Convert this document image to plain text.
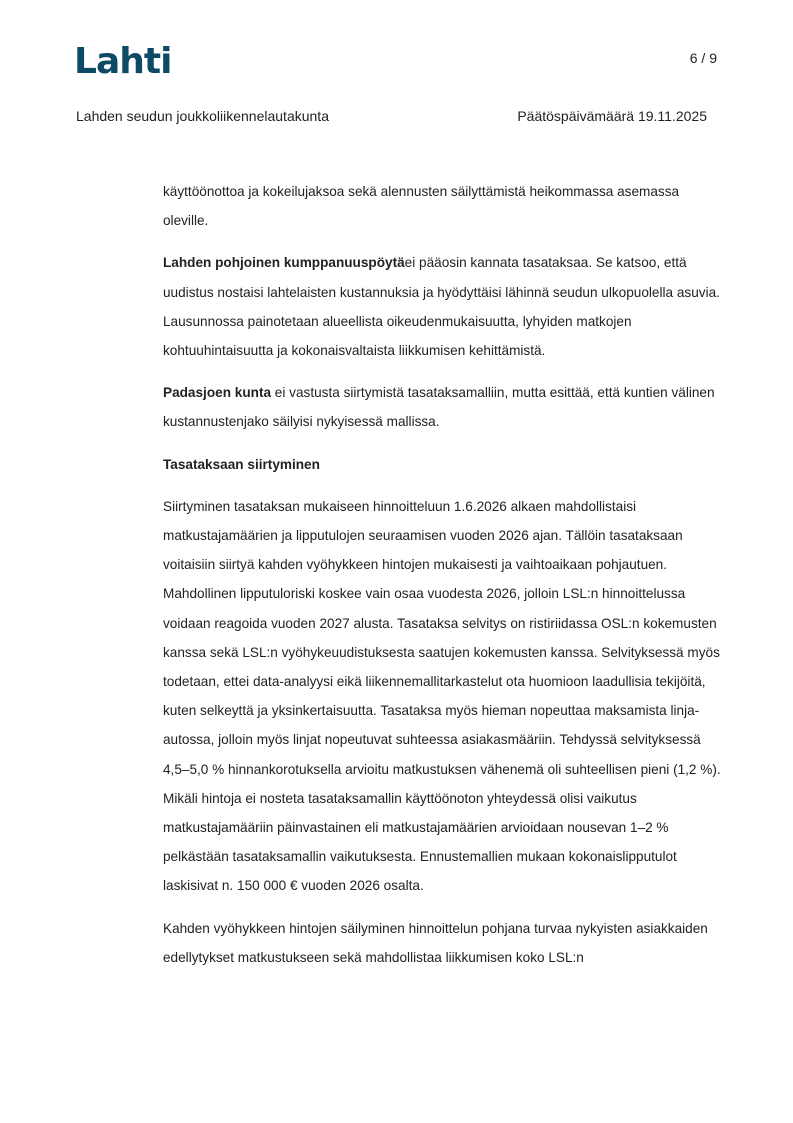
Lahti	6 / 9
Lahden seudun joukkoliikennelautakunta	Päätöspäivämäärä 19.11.2025

käyttöönottoa ja kokeilujaksoa sekä alennusten säilyttämistä heikommassa asemassa oleville.

Lahden pohjoinen kumppanuuspöytäei pääosin kannata tasataksaa. Se katsoo, että uudistus nostaisi lahtelaisten kustannuksia ja hyödyttäisi lähinnä seudun ulkopuolella asuvia. Lausunnossa painotetaan alueellista oikeudenmukaisuutta, lyhyiden matkojen kohtuuhintaisuutta ja kokonaisvaltaista liikkumisen kehittämistä.

Padasjoen kunta ei vastusta siirtymistä tasataksamalliin, mutta esittää, että kuntien välinen kustannustenjako säilyisi nykyisessä mallissa.

Tasataksaan siirtyminen

Siirtyminen tasataksan mukaiseen hinnoitteluun 1.6.2026 alkaen mahdollistaisi matkustajamäärien ja lipputulojen seuraamisen vuoden 2026 ajan. Tällöin tasataksaan voitaisiin siirtyä kahden vyöhykkeen hintojen mukaisesti ja vaihtoaikaan pohjautuen. Mahdollinen lipputuloriski koskee vain osaa vuodesta 2026, jolloin LSL:n hinnoittelussa voidaan reagoida vuoden 2027 alusta. Tasataksa selvitys on ristiriidassa OSL:n kokemusten kanssa sekä LSL:n vyöhykeuudistuksesta saatujen kokemusten kanssa. Selvityksessä myös todetaan, ettei data-analyysi eikä liikennemallitarkastelut ota huomioon laadullisia tekijöitä, kuten selkeyttä ja yksinkertaisuutta. Tasataksa myös hieman nopeuttaa maksamista linja-autossa, jolloin myös linjat nopeutuvat suhteessa asiakasmääriin. Tehdyssä selvityksessä 4,5–5,0 % hinnankorotuksella arvioitu matkustuksen vähenemä oli suhteellisen pieni (1,2 %). Mikäli hintoja ei nosteta tasataksamallin käyttöönoton yhteydessä olisi vaikutus matkustajamääriin päinvastainen eli matkustajamäärien arvioidaan nousevan 1–2 % pelkästään tasataksamallin vaikutuksesta. Ennustemallien mukaan kokonaislipputulot laskisivat n. 150 000 € vuoden 2026 osalta.

Kahden vyöhykkeen hintojen säilyminen hinnoittelun pohjana turvaa nykyisten asiakkaiden edellytykset matkustukseen sekä mahdollistaa liikkumisen koko LSL:n
